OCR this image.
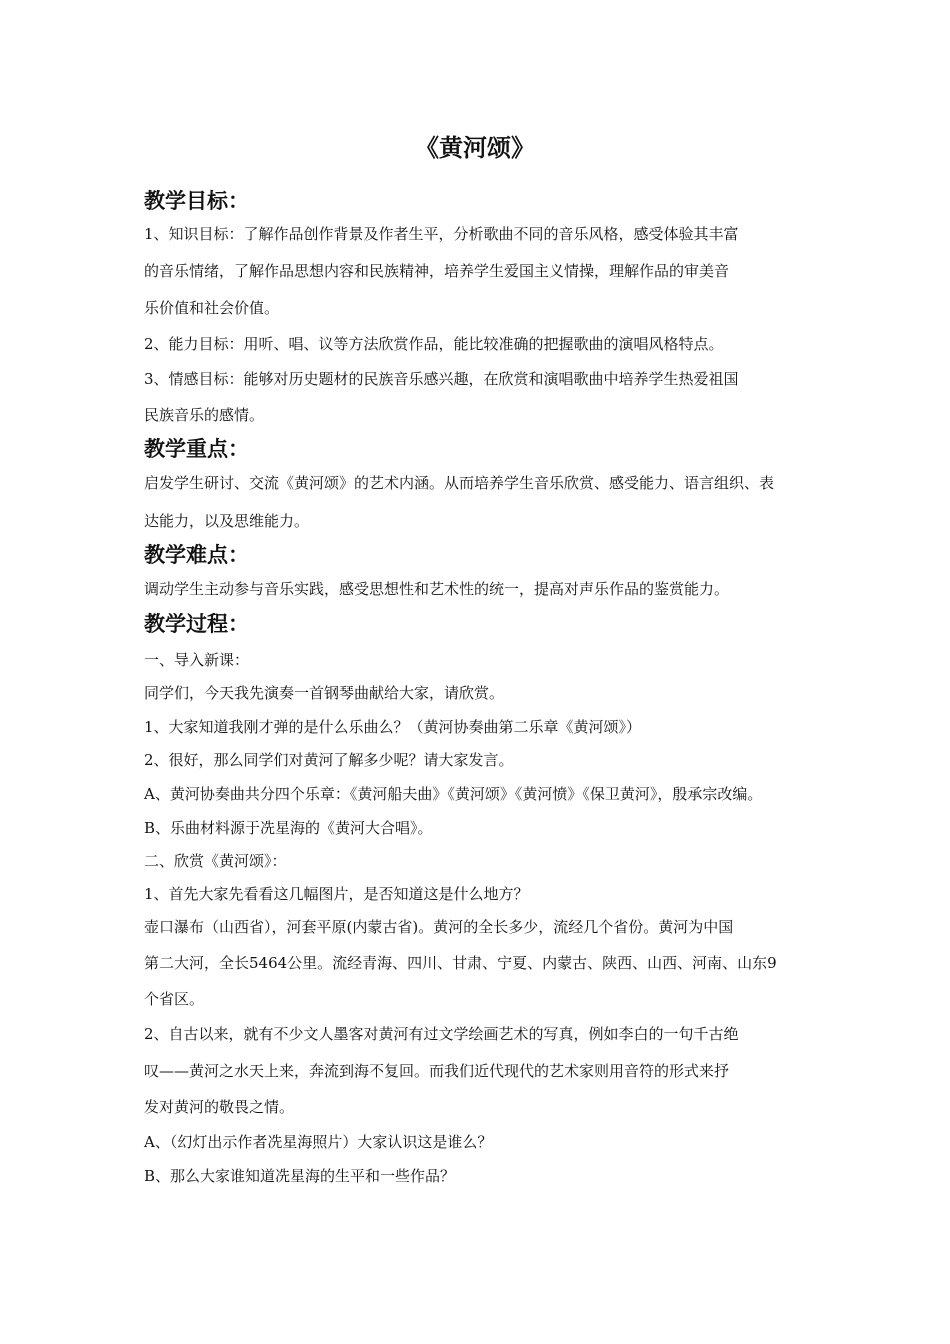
《黄河颂》
教学目标：
1、知识目标：了解作品创作背景及作者生平，分析歌曲不同的音乐风格，感受体验其丰富
的音乐情绪，了解作品思想内容和民族精神，培养学生爱国主义情操，理解作品的审美音
乐价值和社会价值。
2、能力目标：用听、唱、议等方法欣赏作品，能比较准确的把握歌曲的演唱风格特点。
3、情感目标：能够对历史题材的民族音乐感兴趣，在欣赏和演唱歌曲中培养学生热爱祖国
民族音乐的感情。
教学重点：
启发学生研讨、交流《黄河颂》的艺术内涵。从而培养学生音乐欣赏、感受能力、语言组织、表
达能力，以及思维能力。
教学难点：
调动学生主动参与音乐实践，感受思想性和艺术性的统一，提高对声乐作品的鉴赏能力。
教学过程：
一、导入新课：
同学们，今天我先演奏一首钢琴曲献给大家，请欣赏。
1、大家知道我刚才弹的是什么乐曲么？（黄河协奏曲第二乐章《黄河颂》）
2、很好，那么同学们对黄河了解多少呢？请大家发言。
A、黄河协奏曲共分四个乐章：《黄河船夫曲》《黄河颂》《黄河愤》《保卫黄河》，殷承宗改编。
B、乐曲材料源于冼星海的《黄河大合唱》。
二、欣赏《黄河颂》：
1、首先大家先看看这几幅图片，是否知道这是什么地方？
壶口瀑布（山西省），河套平原(内蒙古省)。黄河的全长多少，流经几个省份。黄河为中国
第二大河，全长5464公里。流经青海、四川、甘肃、宁夏、内蒙古、陕西、山西、河南、山东9
个省区。
2、自古以来，就有不少文人墨客对黄河有过文学绘画艺术的写真，例如李白的一句千古绝
叹——黄河之水天上来，奔流到海不复回。而我们近代现代的艺术家则用音符的形式来抒
发对黄河的敬畏之情。
A、（幻灯出示作者冼星海照片）大家认识这是谁么？
B、那么大家谁知道冼星海的生平和一些作品？
